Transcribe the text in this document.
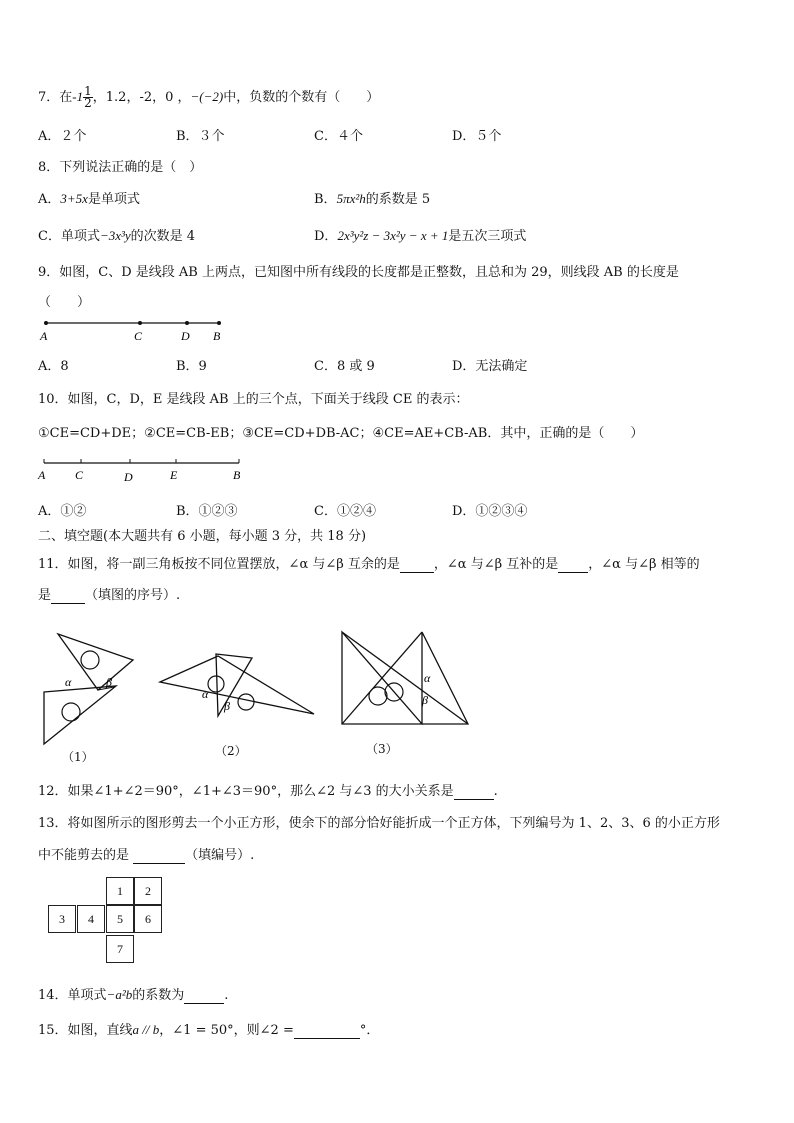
7．在$-1 \frac{1}{2}$ ，1.2，-2，0 ，−(−2)中，负数的个数有（　　）
A．２个	B．３个	C．４个	D．５个
8．下列说法正确的是（　）
A．3+5x是单项式	B．5πx²h的系数是 5
C．单项式−3x³y的次数是 4	D．2x³y²z − 3x²y − x + 1是五次三项式
9．如图，C、D 是线段 AB 上两点，已知图中所有线段的长度都是正整数，且总和为 29，则线段 AB 的长度是
（　　）
A	C	D B
A．8	B．9	C．8 或 9	D．无法确定
10．如图，C，D，E 是线段 AB 上的三个点，下面关于线段 CE 的表示：
①CE=CD+DE；②CE=CB-EB；③CE=CD+DB-AC；④CE=AE+CB-AB．其中，正确的是（　　）
A C	D	E	B
A．①②	B．①②③	C．①②④	D．①②③④
二、填空题(本大题共有 6 小题，每小题 3 分，共 18 分)
11．如图，将一副三角板按不同位置摆放，∠α 与∠β 互余的是	，∠α 与∠β 互补的是 ，∠α 与∠β 相等的
是	（填图的序号）.
α	β
（1）
α
β
（2）
α
β
（3）
12．如果∠1+∠2＝90°，∠1+∠3＝90°，那么∠2 与∠3 的大小关系是	.
13．将如图所示的图形剪去一个小正方形，使余下的部分恰好能折成一个正方体，下列编号为 1、2、3、6 的小正方形
中不能剪去的是	（填编号）.
1	2
3	4	5	6
7
14．单项式−a²b的系数为	.
15．如图，直线a // b，∠1 = 50°，则∠2 =	°．
